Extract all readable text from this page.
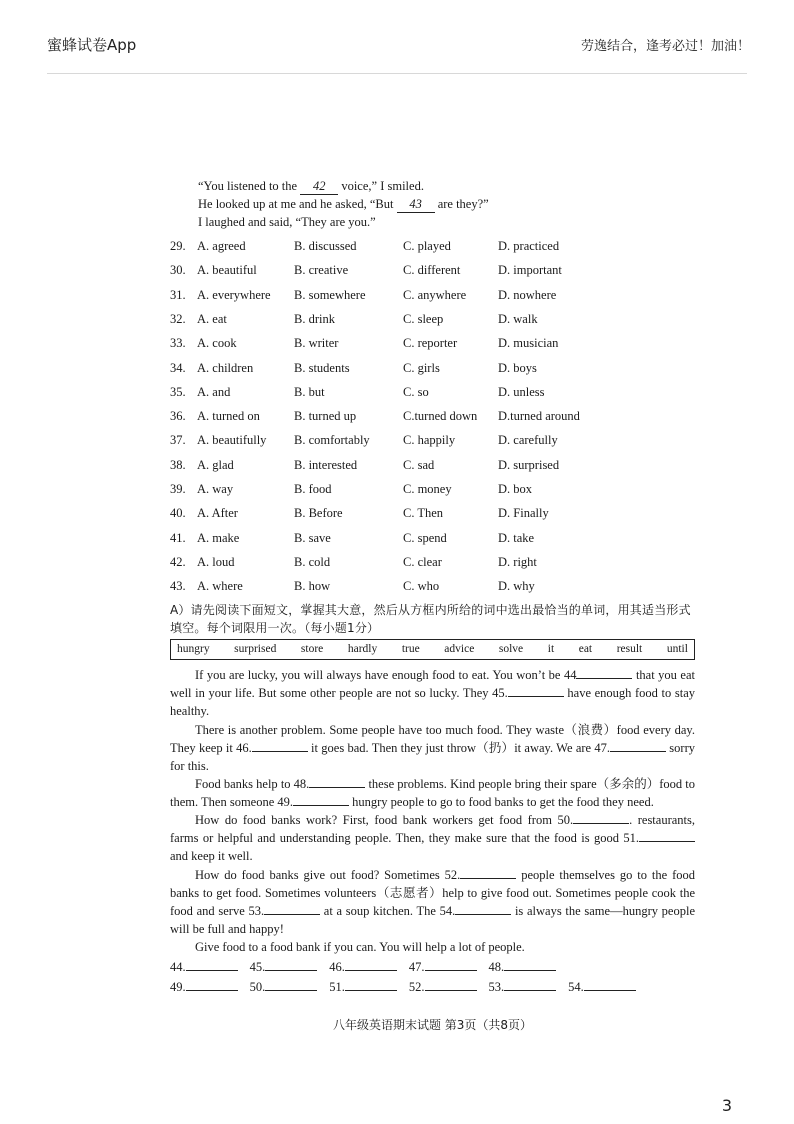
蜜蜂试卷App	劳逸结合，逢考必过！加油！
“You listened to the 42 voice,” I smiled.
He looked up at me and he asked, “But 43 are they?”
I laughed and said, “They are you.”
29. A. agreed	B. discussed	C. played	D. practiced
30. A. beautiful	B. creative	C. different	D. important
31. A. everywhere	B. somewhere	C. anywhere	D. nowhere
32. A. eat	B. drink	C. sleep	D. walk
33. A. cook	B. writer	C. reporter	D. musician
34. A. children	B. students	C. girls	D. boys
35. A. and	B. but	C. so	D. unless
36. A. turned on	B. turned up	C.turned down	D.turned around
37. A. beautifully	B. comfortably	C. happily	D. carefully
38. A. glad	B. interested	C. sad	D. surprised
39. A. way	B. food	C. money	D. box
40. A. After	B. Before	C. Then	D. Finally
41. A. make	B. save	C. spend	D. take
42. A. loud	B. cold	C. clear	D. right
43. A. where	B. how	C. who	D. why
A）请先阅读下面短文，掌握其大意，然后从方框内所给的词中选出最恰当的单词，用其适当形式填空。每个词限用一次。（每小题1分）
hungry surprised store hardly true advice solve it eat result until

If you are lucky, you will always have enough food to eat. You won’t be 44	that you eat well in your life. But some other people are not so lucky. They 45.	have enough food to stay healthy.

There is another problem. Some people have too much food. They waste（浪费）food every day. They keep it 46.	it goes bad. Then they just throw（扔）it away. We are 47.	sorry for this.

Food banks help to 48.	these problems. Kind people bring their spare（多余的）food to them. Then someone 49.	hungry people to go to food banks to get the food they need.

How do food banks work? First, food bank workers get food from 50.	. restaurants, farms or helpful and understanding people. Then, they make sure that the food is good 51. and keep it well.

How do food banks give out food? Sometimes 52.	people themselves go to the food banks to get food. Sometimes volunteers（志愿者）help to give food out. Sometimes people cook the food and serve 53.	at a soup kitchen. The 54.	is always the same—hungry people will be full and happy!

Give food to a food bank if you can. You will help a lot of people.

44.	45.	46.	47.	48.
49.	50.	51.	52.	53.	54.
八年级英语期末试题 第3页（共8页）
3
